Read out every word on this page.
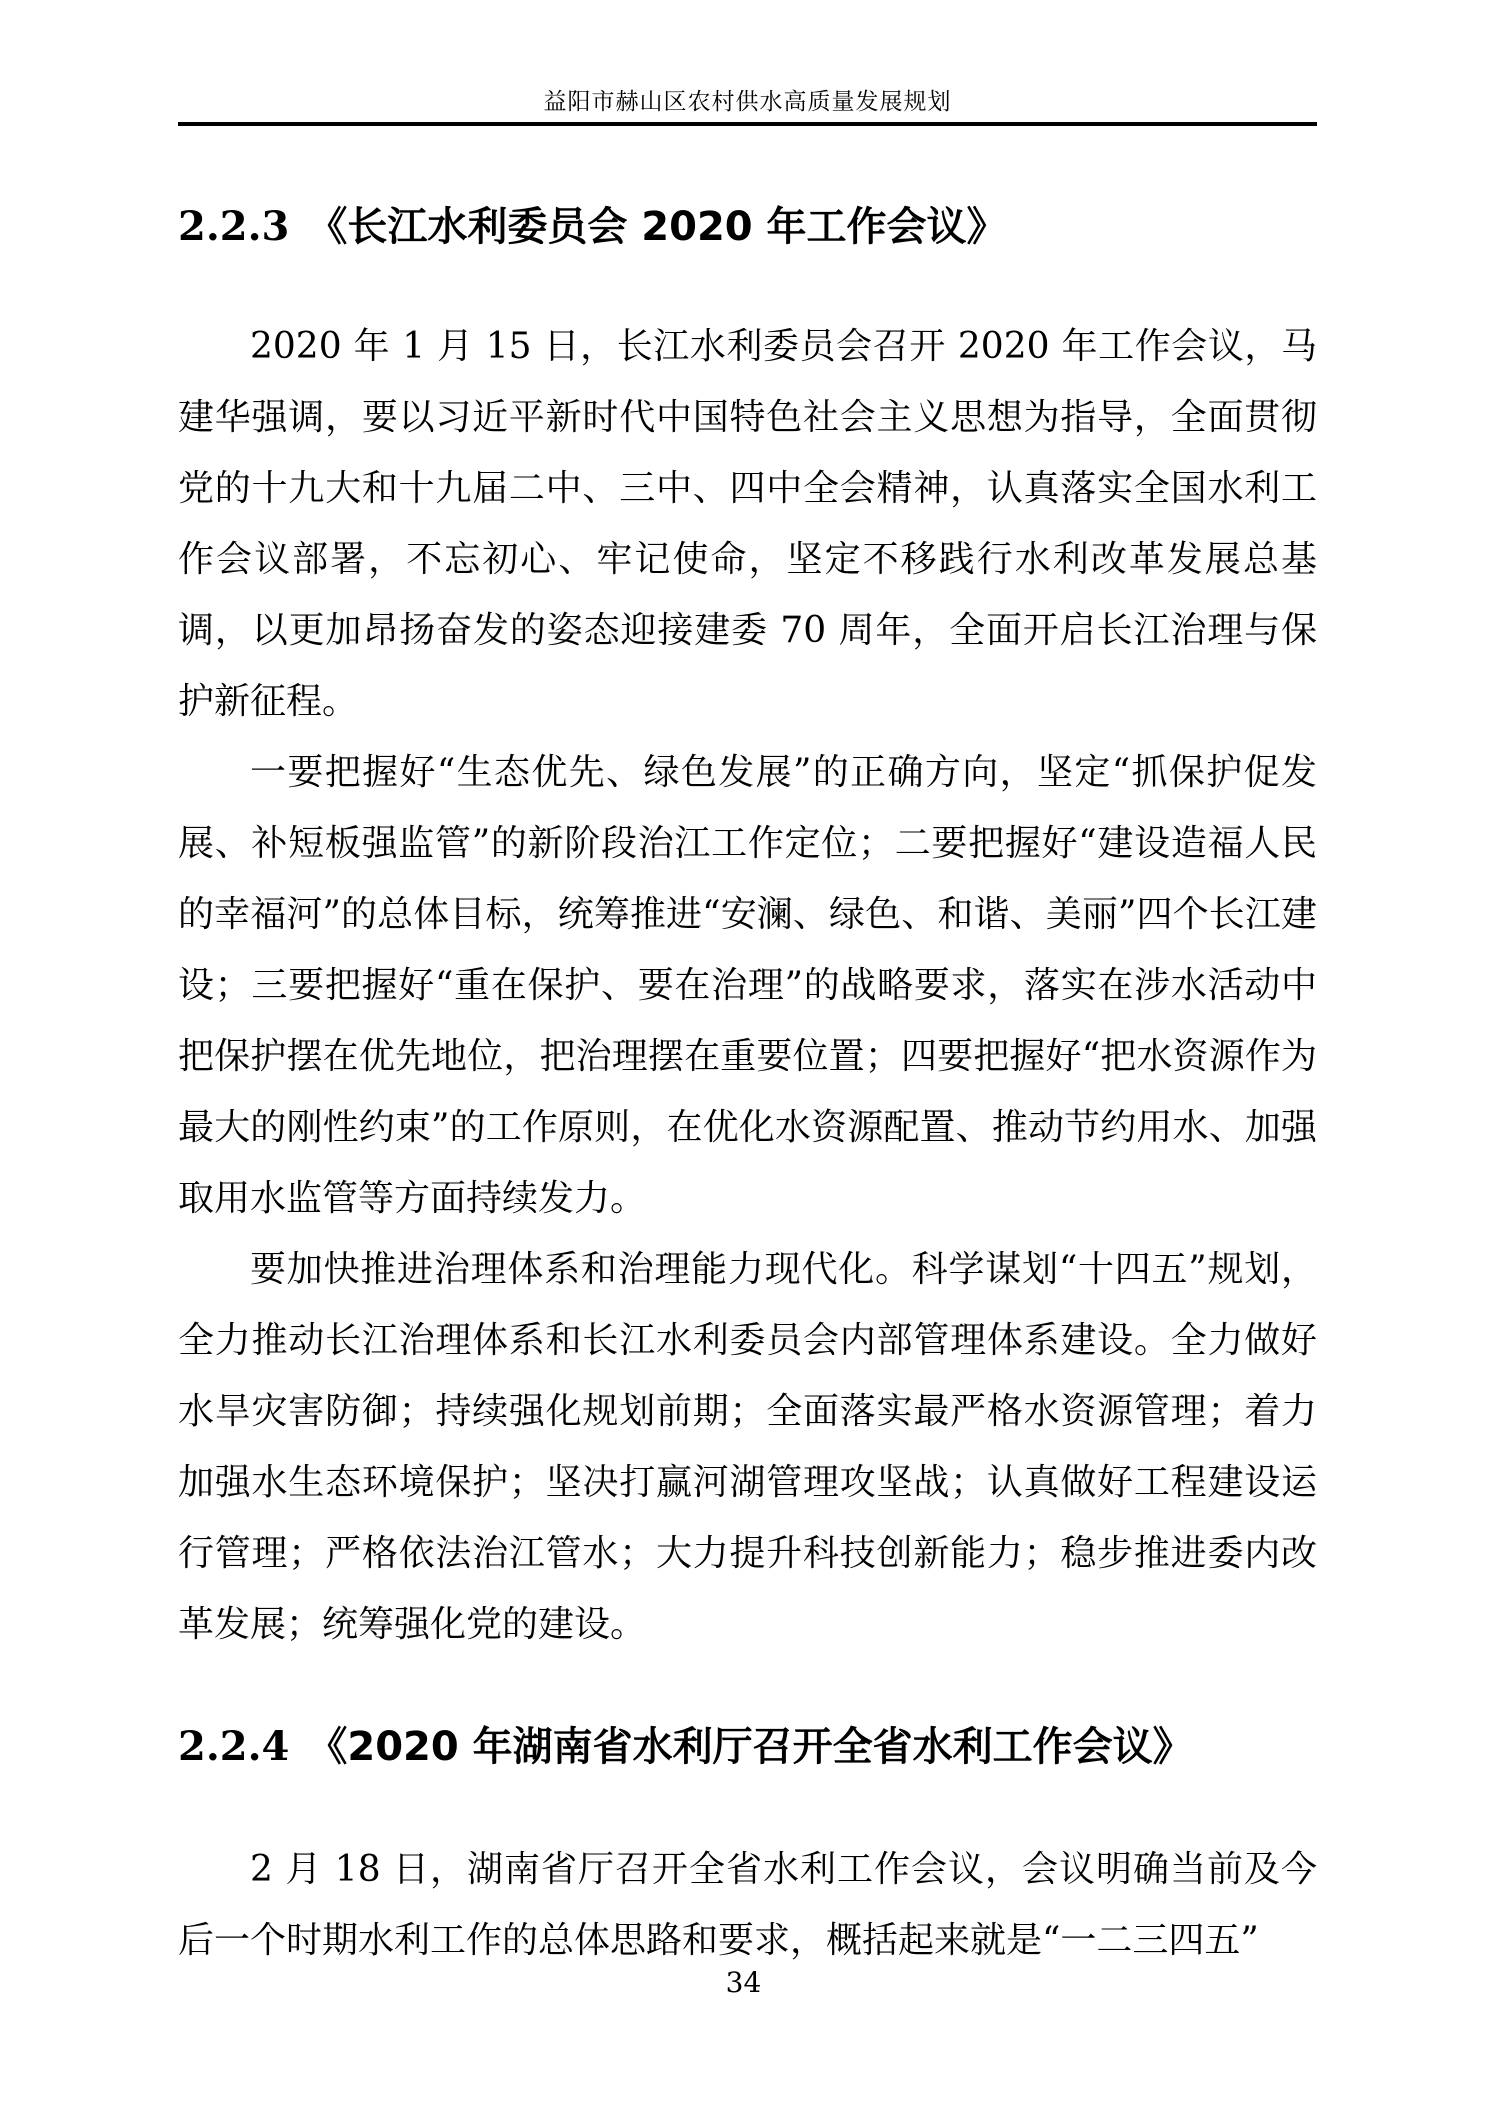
益阳市赫山区农村供水高质量发展规划
2.2.3 《长江水利委员会 2020 年工作会议》

2020 年 1 月 15 日，长江水利委员会召开 2020 年工作会议，马建华强调，要以习近平新时代中国特色社会主义思想为指导，全面贯彻党的十九大和十九届二中、三中、四中全会精神，认真落实全国水利工作会议部署，不忘初心、牢记使命，坚定不移践行水利改革发展总基调，以更加昂扬奋发的姿态迎接建委 70 周年，全面开启长江治理与保护新征程。

一要把握好“生态优先、绿色发展”的正确方向，坚定“抓保护促发展、补短板强监管”的新阶段治江工作定位；二要把握好“建设造福人民的幸福河”的总体目标，统筹推进“安澜、绿色、和谐、美丽”四个长江建设；三要把握好“重在保护、要在治理”的战略要求，落实在涉水活动中把保护摆在优先地位，把治理摆在重要位置；四要把握好“把水资源作为最大的刚性约束”的工作原则，在优化水资源配置、推动节约用水、加强取用水监管等方面持续发力。

要加快推进治理体系和治理能力现代化。科学谋划“十四五”规划，全力推动长江治理体系和长江水利委员会内部管理体系建设。全力做好水旱灾害防御；持续强化规划前期；全面落实最严格水资源管理；着力加强水生态环境保护；坚决打赢河湖管理攻坚战；认真做好工程建设运行管理；严格依法治江管水；大力提升科技创新能力；稳步推进委内改革发展；统筹强化党的建设。

2.2.4 《2020 年湖南省水利厅召开全省水利工作会议》

2 月 18 日，湖南省厅召开全省水利工作会议，会议明确当前及今后一个时期水利工作的总体思路和要求，概括起来就是“一二三四五”

34
